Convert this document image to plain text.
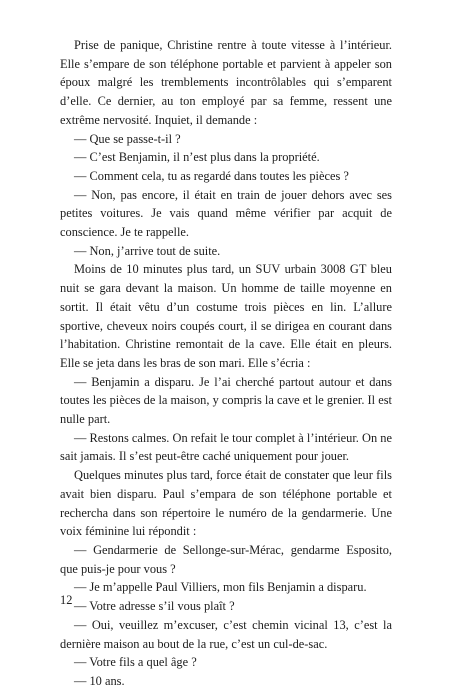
Prise de panique, Christine rentre à toute vitesse à l’intérieur. Elle s’empare de son téléphone portable et parvient à appeler son époux malgré les tremblements incontrôlables qui s’emparent d’elle. Ce dernier, au ton employé par sa femme, ressent une extrême nervosité. Inquiet, il demande :

— Que se passe-t-il ?

— C’est Benjamin, il n’est plus dans la propriété.

— Comment cela, tu as regardé dans toutes les pièces ?

— Non, pas encore, il était en train de jouer dehors avec ses petites voitures. Je vais quand même vérifier par acquit de conscience. Je te rappelle.

— Non, j’arrive tout de suite.

Moins de 10 minutes plus tard, un SUV urbain 3008 GT bleu nuit se gara devant la maison. Un homme de taille moyenne en sortit. Il était vêtu d’un costume trois pièces en lin. L’allure sportive, cheveux noirs coupés court, il se dirigea en courant dans l’habitation. Christine remontait de la cave. Elle était en pleurs. Elle se jeta dans les bras de son mari. Elle s’écria :

— Benjamin a disparu. Je l’ai cherché partout autour et dans toutes les pièces de la maison, y compris la cave et le grenier. Il est nulle part.

— Restons calmes. On refait le tour complet à l’intérieur. On ne sait jamais. Il s’est peut-être caché uniquement pour jouer.

Quelques minutes plus tard, force était de constater que leur fils avait bien disparu. Paul s’empara de son téléphone portable et rechercha dans son répertoire le numéro de la gendarmerie. Une voix féminine lui répondit :

— Gendarmerie de Sellonge-sur-Mérac, gendarme Esposito, que puis-je pour vous ?

— Je m’appelle Paul Villiers, mon fils Benjamin a disparu.

— Votre adresse s’il vous plaît ?

— Oui, veuillez m’excuser, c’est chemin vicinal 13, c’est la dernière maison au bout de la rue, c’est un cul-de-sac.

— Votre fils a quel âge ?

— 10 ans.

12
